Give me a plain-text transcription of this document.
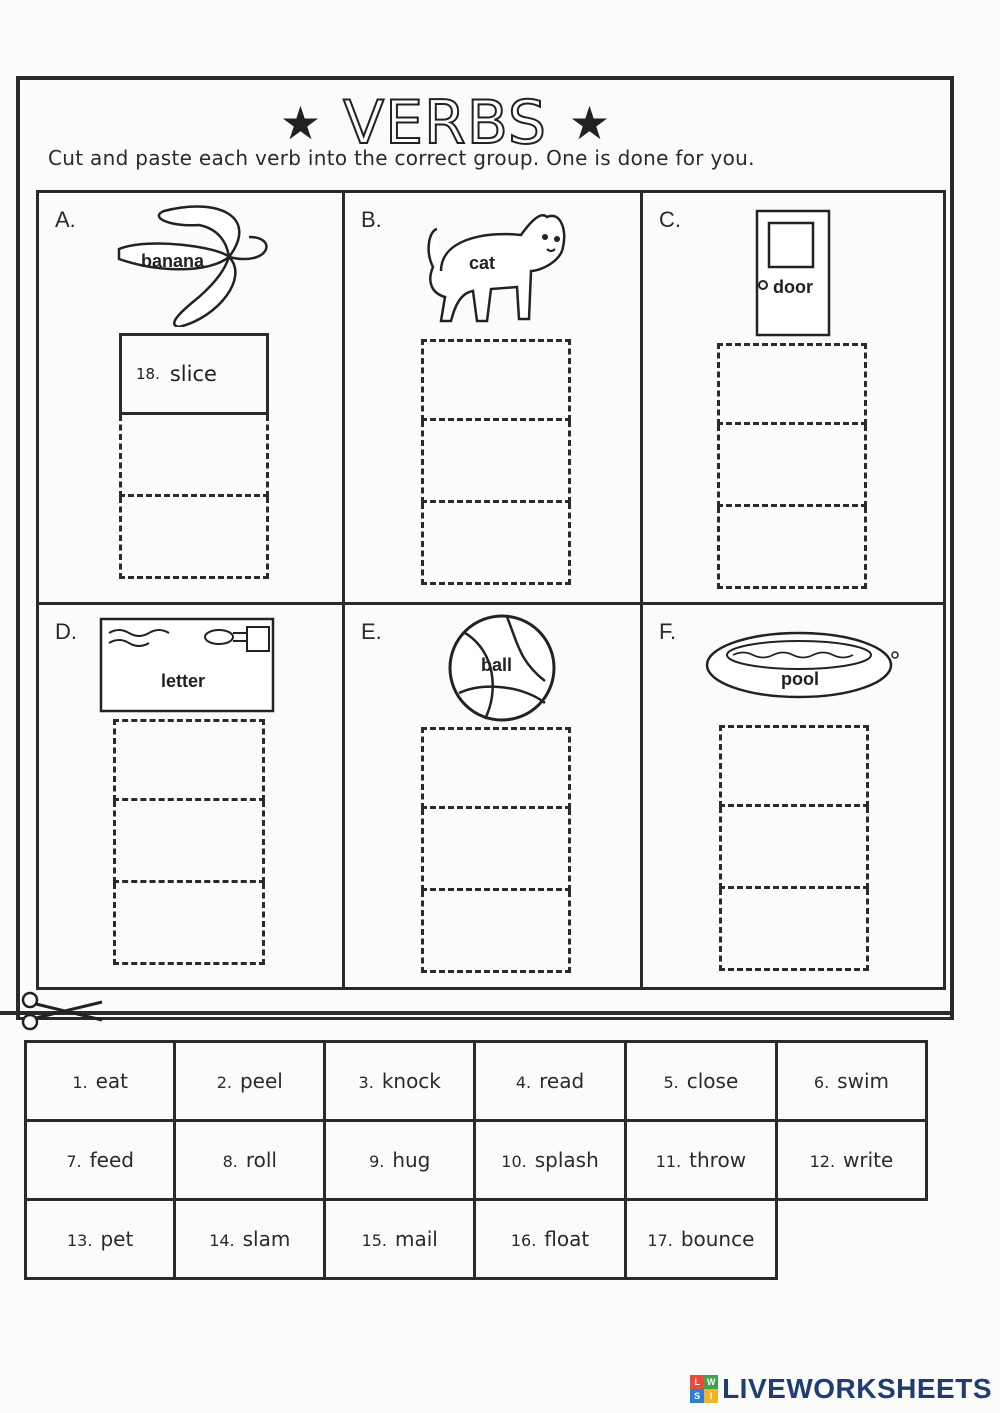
★ VERBS ★
Cut and paste each verb into the correct group. One is done for you.
A.
banana
18. slice
B.
cat
C.
door
D.
letter
E.
ball
F.
pool
1. eat	2. peel	3. knock	4. read	5. close	6. swim
7. feed	8. roll	9. hug	10. splash	11. throw	12. write
13. pet	14. slam	15. mail	16. float	17. bounce	
L W
S	I LIVEWORKSHEETS
